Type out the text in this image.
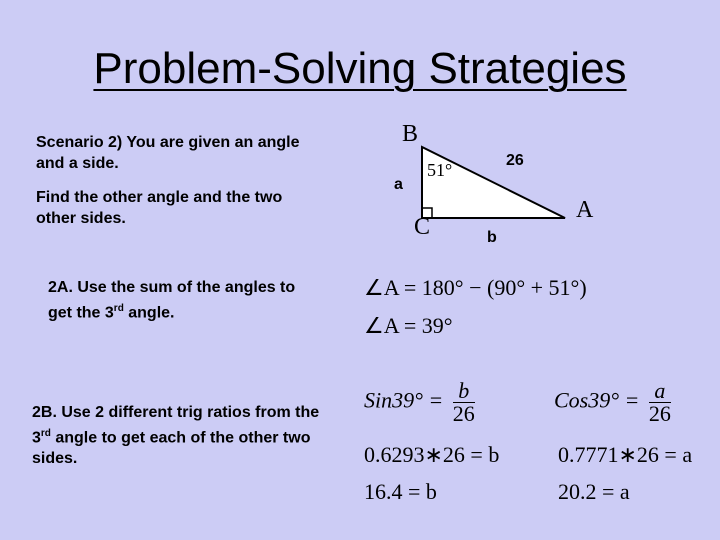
Problem-Solving Strategies
Scenario 2) You are given an angle and a side.
Find the other angle and the two other sides.
2A. Use the sum of the angles to get the 3rd angle.
2B. Use 2 different trig ratios from the 3rd angle to get each of the other two sides.
B
51°	26
a
A
C	b
∠A = 180° − (90° + 51°)
∠A = 39°
$Sin39^\circ = \frac{b}{26}$
0.6293∗26 = b
16.4 = b
$Cos39^\circ = \frac{a}{26}$
0.7771∗26 = a
20.2 = a
